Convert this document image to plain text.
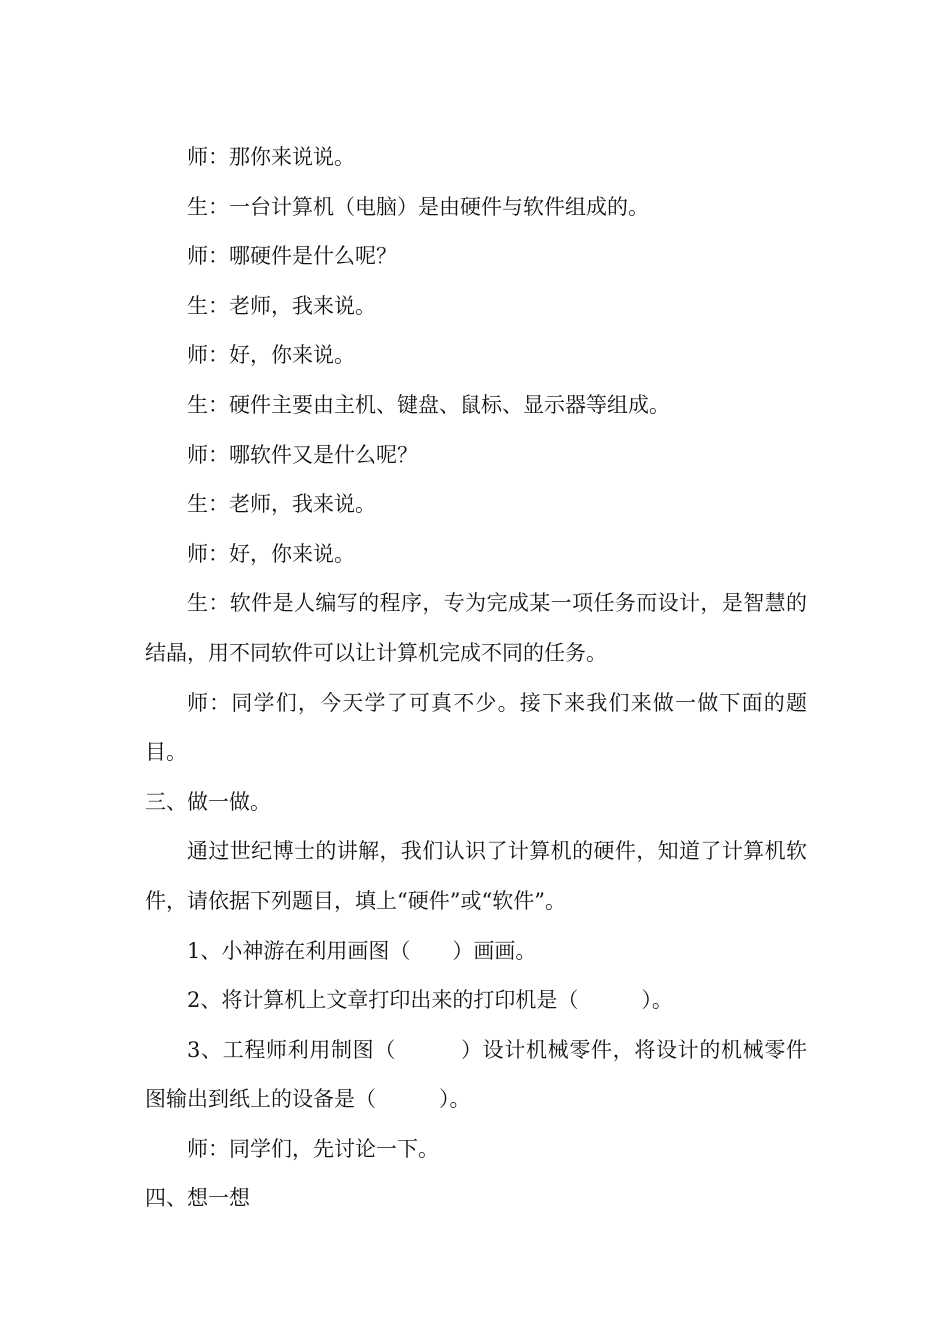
师：那你来说说。

生：一台计算机（电脑）是由硬件与软件组成的。

师：哪硬件是什么呢？

生：老师，我来说。

师：好，你来说。

生：硬件主要由主机、键盘、鼠标、显示器等组成。

师：哪软件又是什么呢？

生：老师，我来说。

师：好，你来说。

生：软件是人编写的程序，专为完成某一项任务而设计，是智慧的结晶，用不同软件可以让计算机完成不同的任务。

师：同学们，今天学了可真不少。接下来我们来做一做下面的题目。

三、做一做。

通过世纪博士的讲解，我们认识了计算机的硬件，知道了计算机软件，请依据下列题目，填上“硬件”或“软件”。

1、小神游在利用画图（　　）画画。

2、将计算机上文章打印出来的打印机是（　　　）。

3、工程师利用制图（　　　）设计机械零件，将设计的机械零件图输出到纸上的设备是（　　　）。

师：同学们，先讨论一下。

四、想一想
